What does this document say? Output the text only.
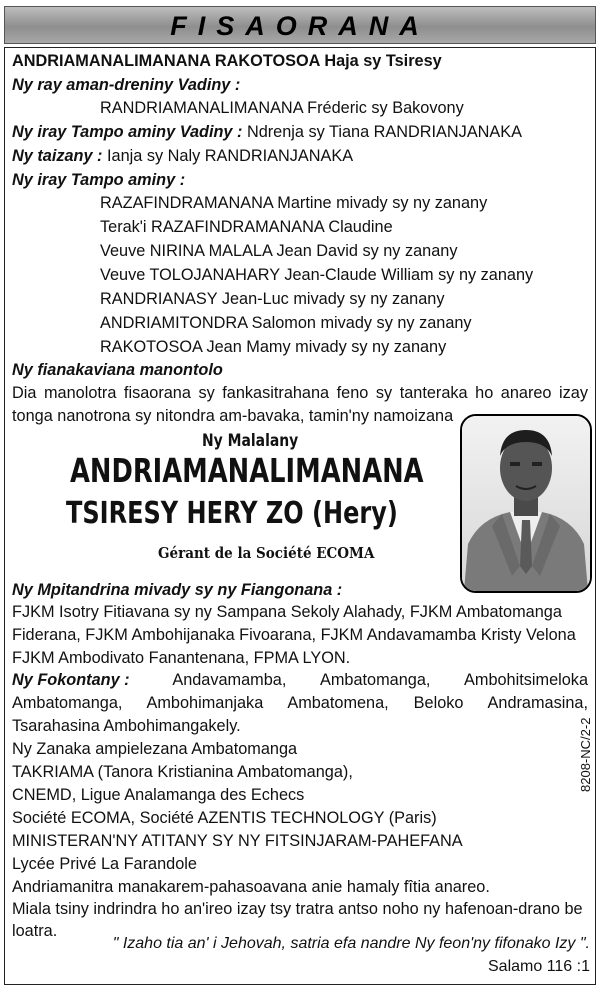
FISAORANA
ANDRIAMANALIMANANA RAKOTOSOA Haja sy Tsiresy
Ny ray aman-dreniny Vadiny :
RANDRIAMANALIMANANA Fréderic sy Bakovony
Ny iray Tampo aminy Vadiny : Ndrenja sy Tiana RANDRIANJANAKA
Ny taizany : Ianja sy Naly RANDRIANJANAKA
Ny iray Tampo aminy :
RAZAFINDRAMANANA Martine mivady sy ny zanany
Terak'i RAZAFINDRAMANANA Claudine
Veuve NIRINA MALALA Jean David sy ny zanany
Veuve TOLOJANAHARY Jean-Claude William sy ny zanany
RANDRIANASY Jean-Luc mivady sy ny zanany
ANDRIAMITONDRA Salomon mivady sy ny zanany
RAKOTOSOA Jean Mamy mivady sy ny zanany
Ny fianakaviana manontolo
Dia manolotra fisaorana sy fankasitrahana feno sy tanteraka ho anareo izay
tonga nanotrona sy nitondra am-bavaka, tamin'ny namoizana
Ny Malalany
ANDRIAMANALIMANANA
TSIRESY HERY ZO (Hery)
Gérant de la Société ECOMA
Ny Mpitandrina mivady sy ny Fiangonana :
FJKM Isotry Fitiavana sy ny Sampana Sekoly Alahady, FJKM Ambatomanga
Fiderana, FJKM Ambohijanaka Fivoarana, FJKM Andavamamba Kristy Velona
FJKM Ambodivato Fanantenana, FPMA LYON.
Ny Fokontany :	Andavamamba, Ambatomanga, Ambohitsimeloka
Ambatomanga, Ambohimanjaka Ambatomena, Beloko Andramasina,
Tsarahasina Ambohimangakely.
Ny Zanaka ampielezana Ambatomanga
TAKRIAMA (Tanora Kristianina Ambatomanga),
CNEMD, Ligue Analamanga des Echecs
Société ECOMA, Société AZENTIS TECHNOLOGY (Paris)
MINISTERAN'NY ATITANY SY NY FITSINJARAM-PAHEFANA
Lycée Privé La Farandole
Andriamanitra manakarem-pahasoavana anie hamaly fîtia anareo.
Miala tsiny indrindra ho an'ireo izay tsy tratra antso noho ny hafenoan-drano be
loatra.
" Izaho tia an' i Jehovah, satria efa nandre Ny feon'ny fifonako Izy ".
Salamo 116 :1
8208-NC/2-2
